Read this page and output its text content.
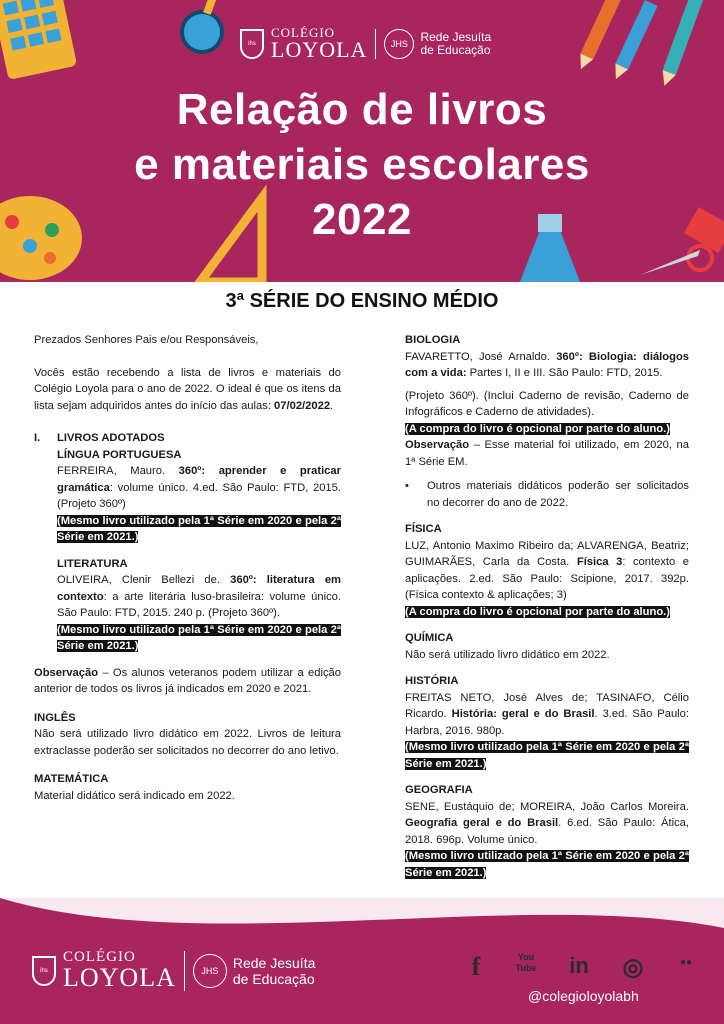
ihs
COLÉGIO
LOYOLA	JHS	Rede Jesuíta
de Educação
Relação de livros
e materiais escolares
2022
3ª SÉRIE DO ENSINO MÉDIO

Prezados Senhores Pais e/ou Responsáveis,

Vocês estão recebendo a lista de livros e materiais do Colégio Loyola para o ano de 2022. O ideal é que os itens da lista sejam adquiridos antes do início das aulas: 07/02/2022.

I.	LIVROS ADOTADOS

LÍNGUA PORTUGUESA

FERREIRA, Mauro. 360º: aprender e praticar gramática: volume único. 4.ed. São Paulo: FTD, 2015. (Projeto 360º)

(Mesmo livro utilizado pela 1ª Série em 2020 e pela 2ª Série em 2021.)

LITERATURA

OLIVEIRA, Clenir Bellezi de. 360º: literatura em contexto: a arte literária luso-brasileira: volume único. São Paulo: FTD, 2015. 240 p. (Projeto 360º).

(Mesmo livro utilizado pela 1ª Série em 2020 e pela 2ª Série em 2021.)

Observação – Os alunos veteranos podem utilizar a edição anterior de todos os livros já indicados em 2020 e 2021.

INGLÊS

Não será utilizado livro didático em 2022. Livros de leitura extraclasse poderão ser solicitados no decorrer do ano letivo.

MATEMÁTICA

Material didático será indicado em 2022.

BIOLOGIA

FAVARETTO, José Arnaldo. 360º: Biologia: diálogos com a vida: Partes I, II e III. São Paulo: FTD, 2015.

(Projeto 360º). (Inclui Caderno de revisão, Caderno de Infográficos e Caderno de atividades).

(A compra do livro é opcional por parte do aluno.)

Observação – Esse material foi utilizado, em 2020, na 1ª Série EM.

•	Outros materiais didáticos poderão ser solicitados no decorrer do ano de 2022.

FÍSICA

LUZ, Antonio Maximo Ribeiro da; ALVARENGA, Beatriz; GUIMARÃES, Carla da Costa. Física 3: contexto e aplicações. 2.ed. São Paulo: Scipione, 2017. 392p. (Física contexto & aplicações; 3)

(A compra do livro é opcional por parte do aluno.)

QUÍMICA

Não será utilizado livro didático em 2022.

HISTÓRIA

FREITAS NETO, José Alves de; TASINAFO, Célio Ricardo. História: geral e do Brasil. 3.ed. São Paulo: Harbra, 2016. 980p.

(Mesmo livro utilizado pela 1ª Série em 2020 e pela 2ª Série em 2021.)

GEOGRAFIA

SENE, Eustáquio de; MOREIRA, João Carlos Moreira. Geografia geral e do Brasil. 6.ed. São Paulo: Ática, 2018. 696p. Volume único.

(Mesmo livro utilizado pela 1ª Série em 2020 e pela 2ª Série em 2021.)

ihs
COLÉGIO
LOYOLA	JHS	Rede Jesuíta
de Educação	f	You Tube in ◎	●●
@colegioloyolabh
